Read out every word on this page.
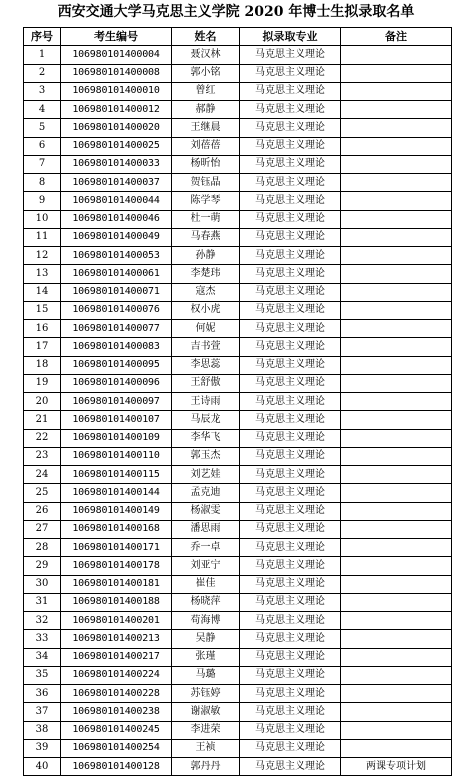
西安交通大学马克思主义学院 2020 年博士生拟录取名单
序号	考生编号	姓名	拟录取专业	备注
1	106980101400004	聂汉林	马克思主义理论	
2	106980101400008	郭小铭	马克思主义理论	
3	106980101400010	曾红	马克思主义理论	
4	106980101400012	郝静	马克思主义理论	
5	106980101400020	王继晨	马克思主义理论	
6	106980101400025	刘蓓蓓	马克思主义理论	
7	106980101400033	杨昕怡	马克思主义理论	
8	106980101400037	贺钰晶	马克思主义理论	
9	106980101400044	陈学琴	马克思主义理论	
10	106980101400046	杜一萌	马克思主义理论	
11	106980101400049	马春燕	马克思主义理论	
12	106980101400053	孙静	马克思主义理论	
13	106980101400061	李楚玮	马克思主义理论	
14	106980101400071	寇杰	马克思主义理论	
15	106980101400076	权小虎	马克思主义理论	
16	106980101400077	何妮	马克思主义理论	
17	106980101400083	吉书萱	马克思主义理论	
18	106980101400095	李思蕊	马克思主义理论	
19	106980101400096	王舒傲	马克思主义理论	
20	106980101400097	王诗雨	马克思主义理论	
21	106980101400107	马辰龙	马克思主义理论	
22	106980101400109	李华飞	马克思主义理论	
23	106980101400110	郭玉杰	马克思主义理论	
24	106980101400115	刘艺娃	马克思主义理论	
25	106980101400144	孟克迪	马克思主义理论	
26	106980101400149	杨淑雯	马克思主义理论	
27	106980101400168	潘思雨	马克思主义理论	
28	106980101400171	乔一卓	马克思主义理论	
29	106980101400178	刘亚宁	马克思主义理论	
30	106980101400181	崔佳	马克思主义理论	
31	106980101400188	杨晓萍	马克思主义理论	
32	106980101400201	苟海博	马克思主义理论	
33	106980101400213	吴静	马克思主义理论	
34	106980101400217	张瑾	马克思主义理论	
35	106980101400224	马璐	马克思主义理论	
36	106980101400228	苏钰婷	马克思主义理论	
37	106980101400238	谢淑敏	马克思主义理论	
38	106980101400245	李进荣	马克思主义理论	
39	106980101400254	王祯	马克思主义理论	
40	106980101400128	郭丹丹	马克思主义理论	两课专项计划
